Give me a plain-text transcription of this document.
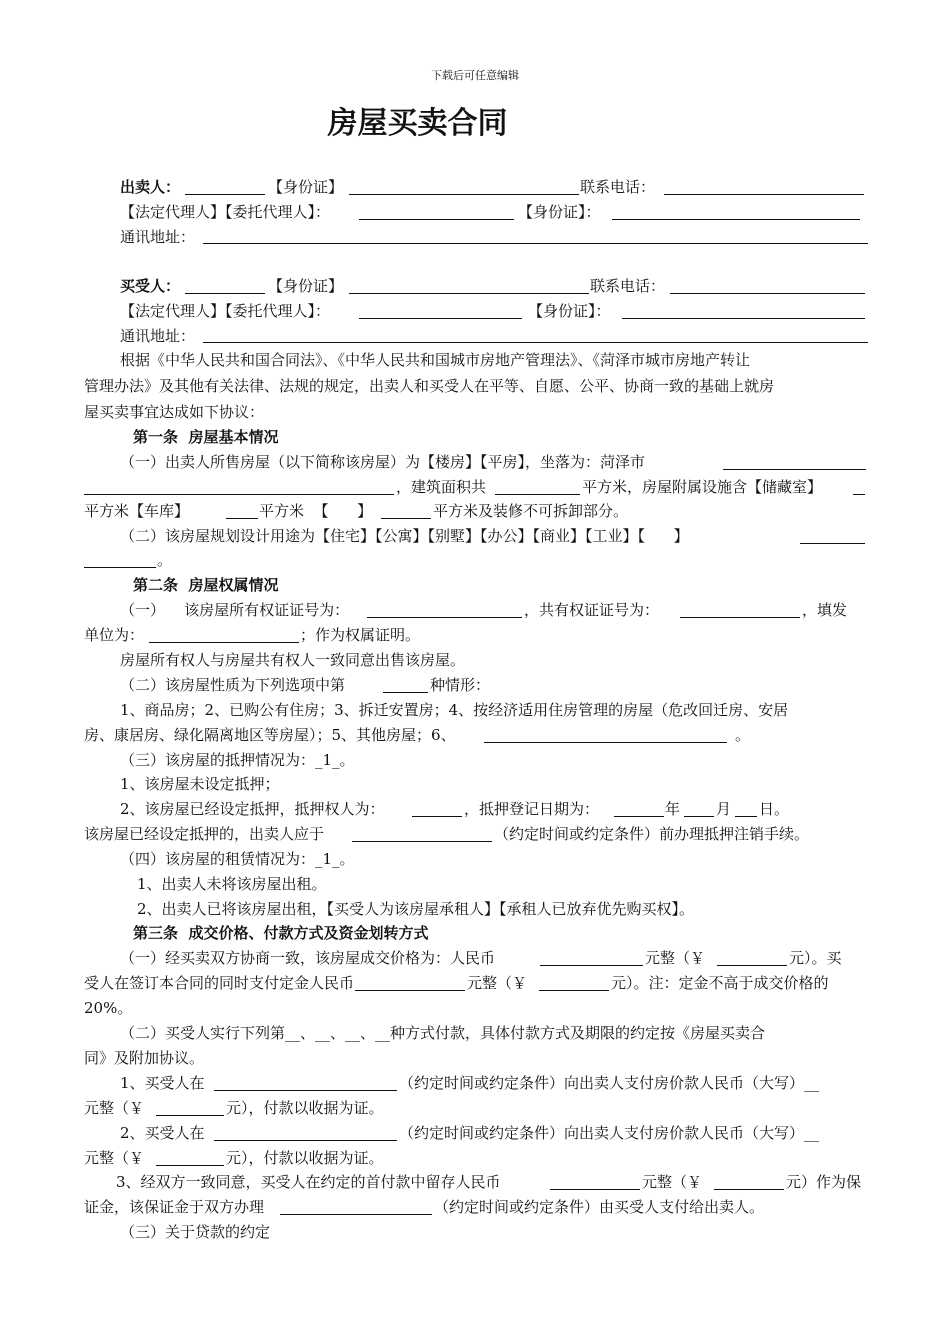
下载后可任意编辑
房屋买卖合同
出卖人：	【身份证】	联系电话：
【法定代理人】【委托代理人】：	【身份证】：
通讯地址：
买受人：	【身份证】	联系电话：
【法定代理人】【委托代理人】：	【身份证】：
通讯地址：
根据《中华人民共和国合同法》、《中华人民共和国城市房地产管理法》、《菏泽市城市房地产转让
管理办法》及其他有关法律、法规的规定，出卖人和买受人在平等、自愿、公平、协商一致的基础上就房
屋买卖事宜达成如下协议：
第一条  房屋基本情况
（一）出卖人所售房屋（以下简称该房屋）为【楼房】【平房】，坐落为：菏泽市
，建筑面积共	平方米，房屋附属设施含【储藏室】
平方米【车库】	平方米  【      】	平方米及装修不可拆卸部分。
（二）该房屋规划设计用途为【住宅】【公寓】【别墅】【办公】【商业】【工业】【      】
。
第二条  房屋权属情况
（一）    该房屋所有权证证号为：	，共有权证证号为：	，填发
单位为：	；作为权属证明。
房屋所有权人与房屋共有权人一致同意出售该房屋。
（二）该房屋性质为下列选项中第	种情形：
1、商品房；2、已购公有住房；3、拆迁安置房；4、按经济适用住房管理的房屋（危改回迁房、安居
房、康居房、绿化隔离地区等房屋）；5、其他房屋；6、	。
（三）该房屋的抵押情况为：_1_。
1、该房屋未设定抵押；
2、该房屋已经设定抵押，抵押权人为：	，抵押登记日期为：	年 月 日。
该房屋已经设定抵押的，出卖人应于	（约定时间或约定条件）前办理抵押注销手续。
（四）该房屋的租赁情况为：_1_。
1、出卖人未将该房屋出租。
2、出卖人已将该房屋出租，【买受人为该房屋承租人】【承租人已放弃优先购买权】。
第三条  成交价格、付款方式及资金划转方式
（一）经买卖双方协商一致，该房屋成交价格为：人民币	元整（￥	元）。买
受人在签订本合同的同时支付定金人民币	元整（￥	元）。注：定金不高于成交价格的
20%。
（二）买受人实行下列第__、__、__、__种方式付款，具体付款方式及期限的约定按《房屋买卖合
同》及附加协议。
1、买受人在	（约定时间或约定条件）向出卖人支付房价款人民币（大写）__
元整（￥	元），付款以收据为证。
2、买受人在	（约定时间或约定条件）向出卖人支付房价款人民币（大写）__
元整（￥	元），付款以收据为证。
3、经双方一致同意，买受人在约定的首付款中留存人民币	元整（￥	元）作为保
证金，该保证金于双方办理	（约定时间或约定条件）由买受人支付给出卖人。
（三）关于贷款的约定
